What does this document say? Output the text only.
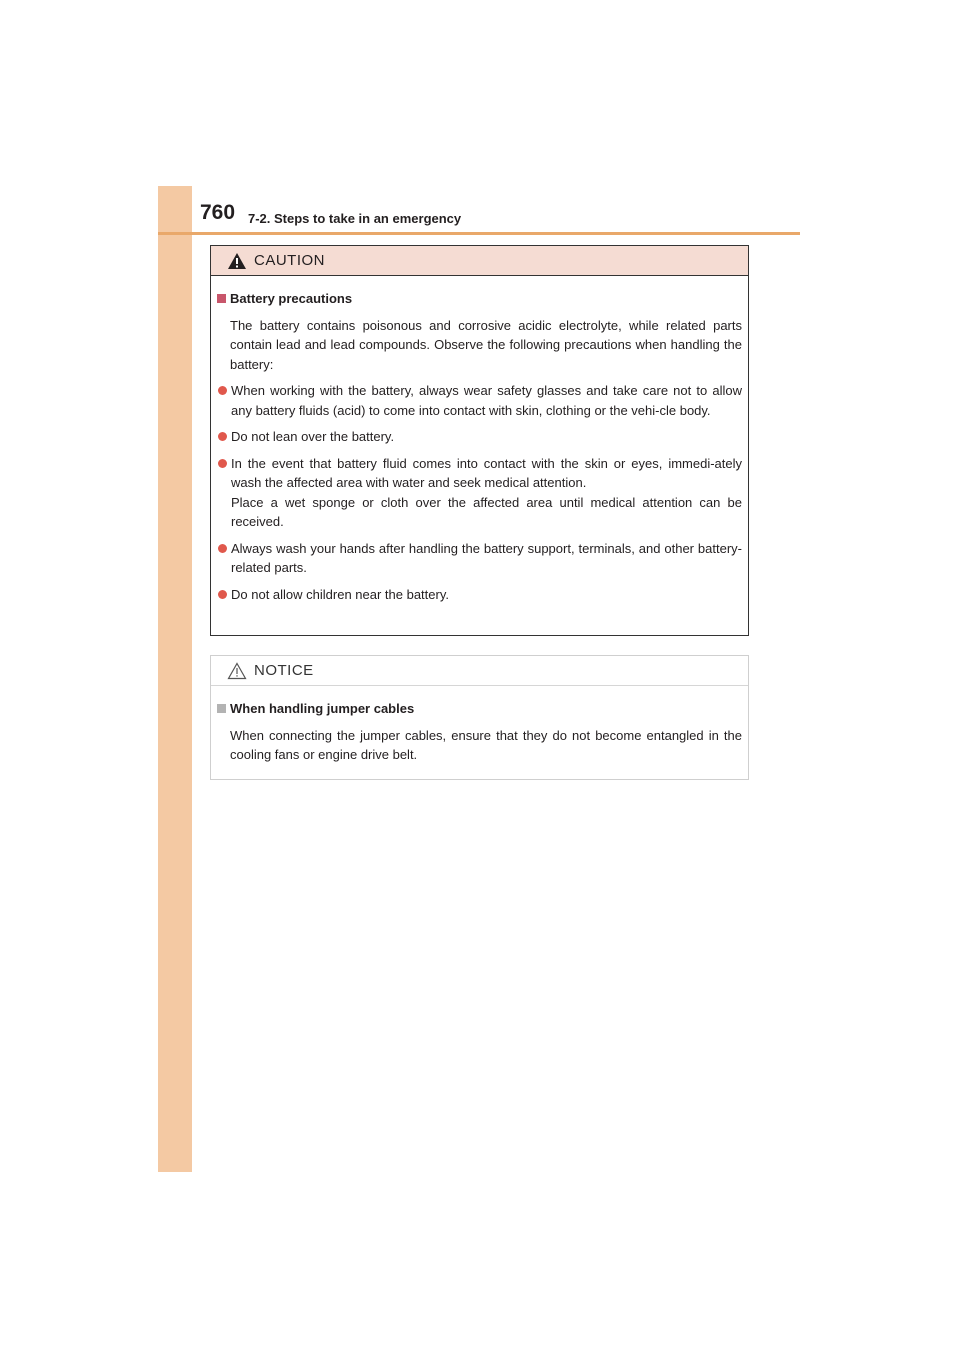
760 7-2. Steps to take in an emergency
CAUTION
Battery precautions
The battery contains poisonous and corrosive acidic electrolyte, while related parts contain lead and lead compounds. Observe the following precautions when handling the battery:
When working with the battery, always wear safety glasses and take care not to allow any battery fluids (acid) to come into contact with skin, clothing or the vehi-cle body.
Do not lean over the battery.
In the event that battery fluid comes into contact with the skin or eyes, immedi-ately wash the affected area with water and seek medical attention.
Place a wet sponge or cloth over the affected area until medical attention can be received.
Always wash your hands after handling the battery support, terminals, and other battery-related parts.
Do not allow children near the battery.
NOTICE
When handling jumper cables
When connecting the jumper cables, ensure that they do not become entangled in the cooling fans or engine drive belt.
